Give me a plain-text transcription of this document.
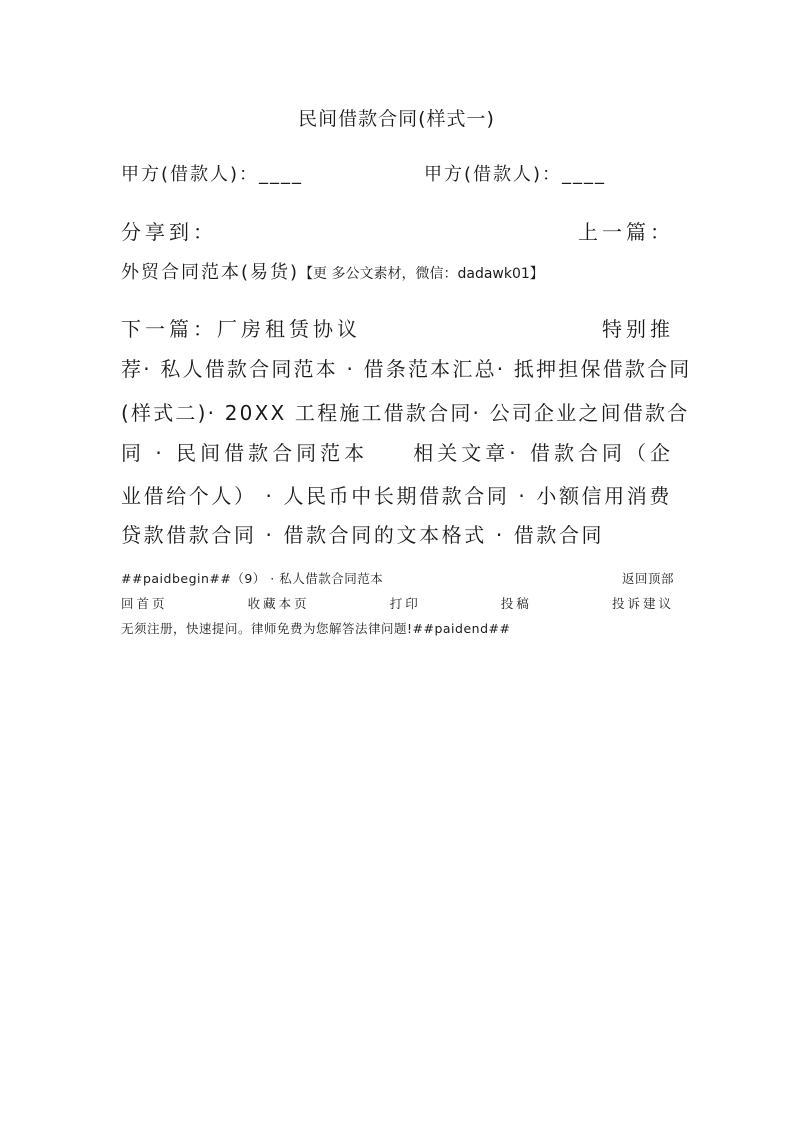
民间借款合同(样式一)
甲方(借款人)：____	甲方(借款人)：____
分享到：	上一篇：
外贸合同范本(易货)【更 多公文素材，微信：dadawk01】
下一篇：厂房租赁协议	特别推
荐· 私人借款合同范本 · 借条范本汇总· 抵押担保借款合同
(样式二)· 20XX 工程施工借款合同· 公司企业之间借款合
同 · 民间借款合同范本 相关文章· 借款合同（企
业借给个人） · 人民币中长期借款合同 · 小额信用消费
贷款借款合同 · 借款合同的文本格式 · 借款合同
##paidbegin##（9） · 私人借款合同范本	返回顶部
回首页	收藏本页	打印	投稿	投诉建议
无须注册，快速提问。律师免费为您解答法律问题!##paidend##
